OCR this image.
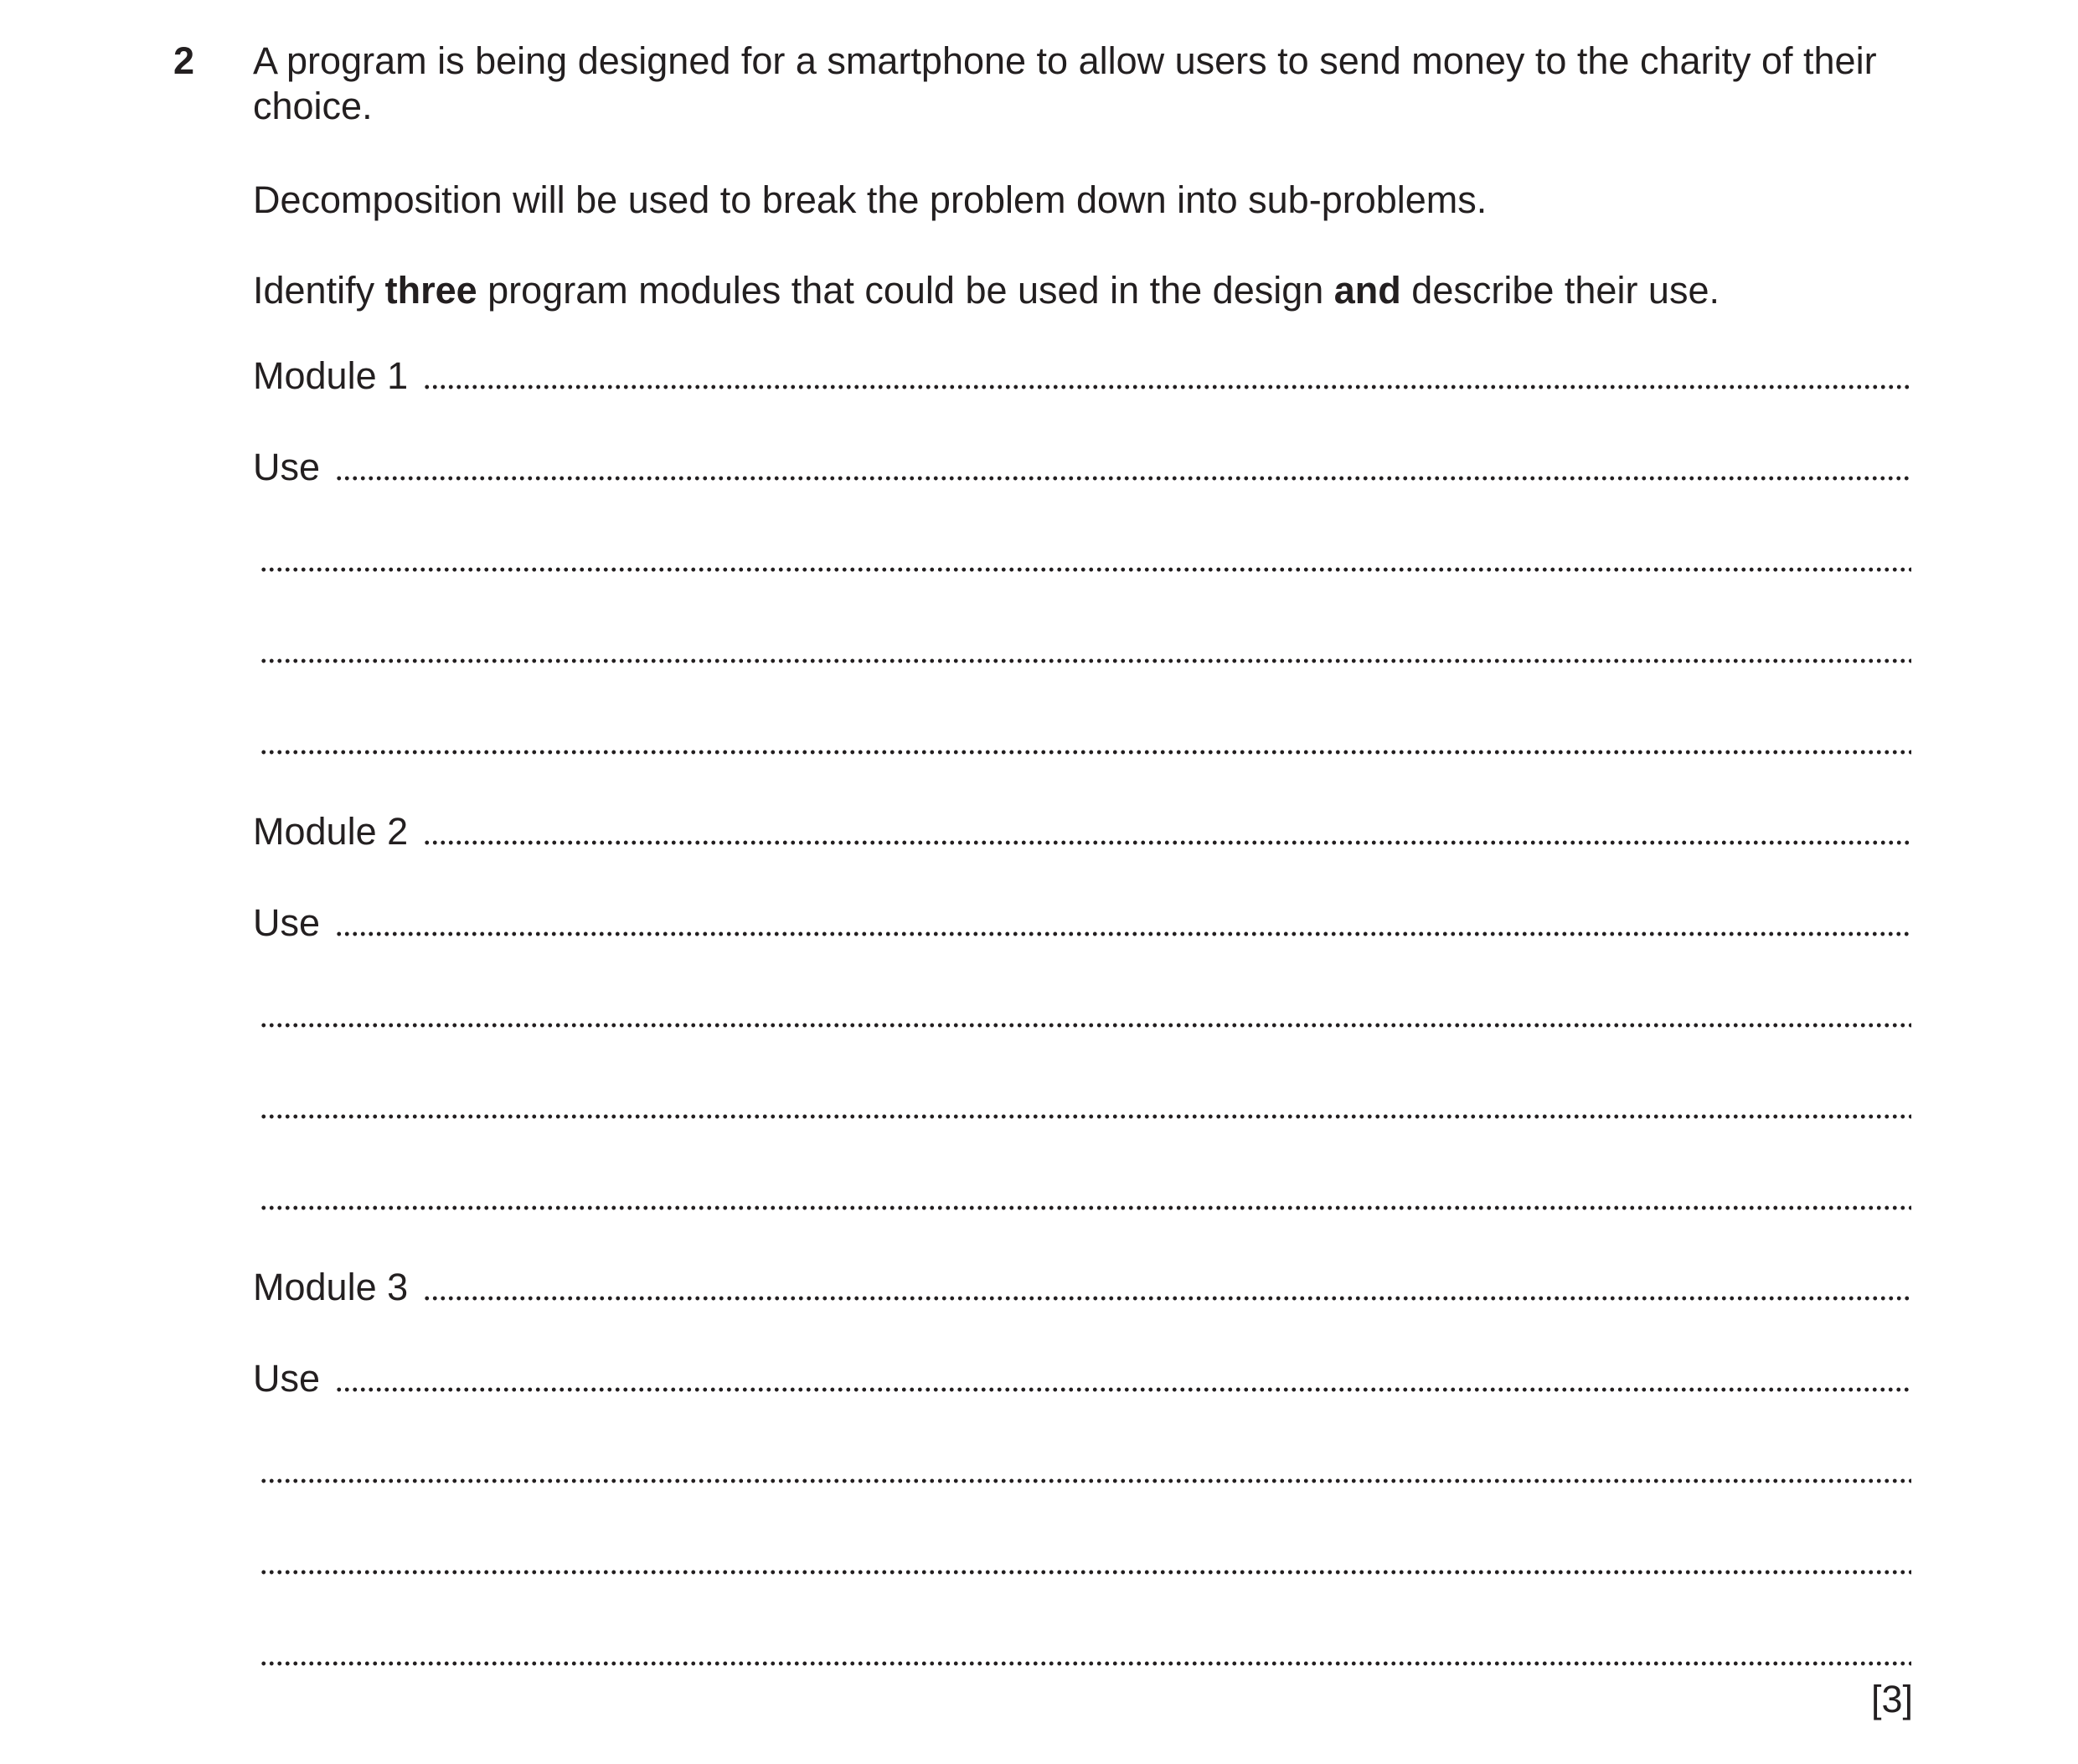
2 A program is being designed for a smartphone to allow users to send money to the charity of their choice.

Decomposition will be used to break the problem down into sub-problems.

Identify three program modules that could be used in the design and describe their use.

Module 1
Use
Module 2
Use
Module 3
Use
[3]
